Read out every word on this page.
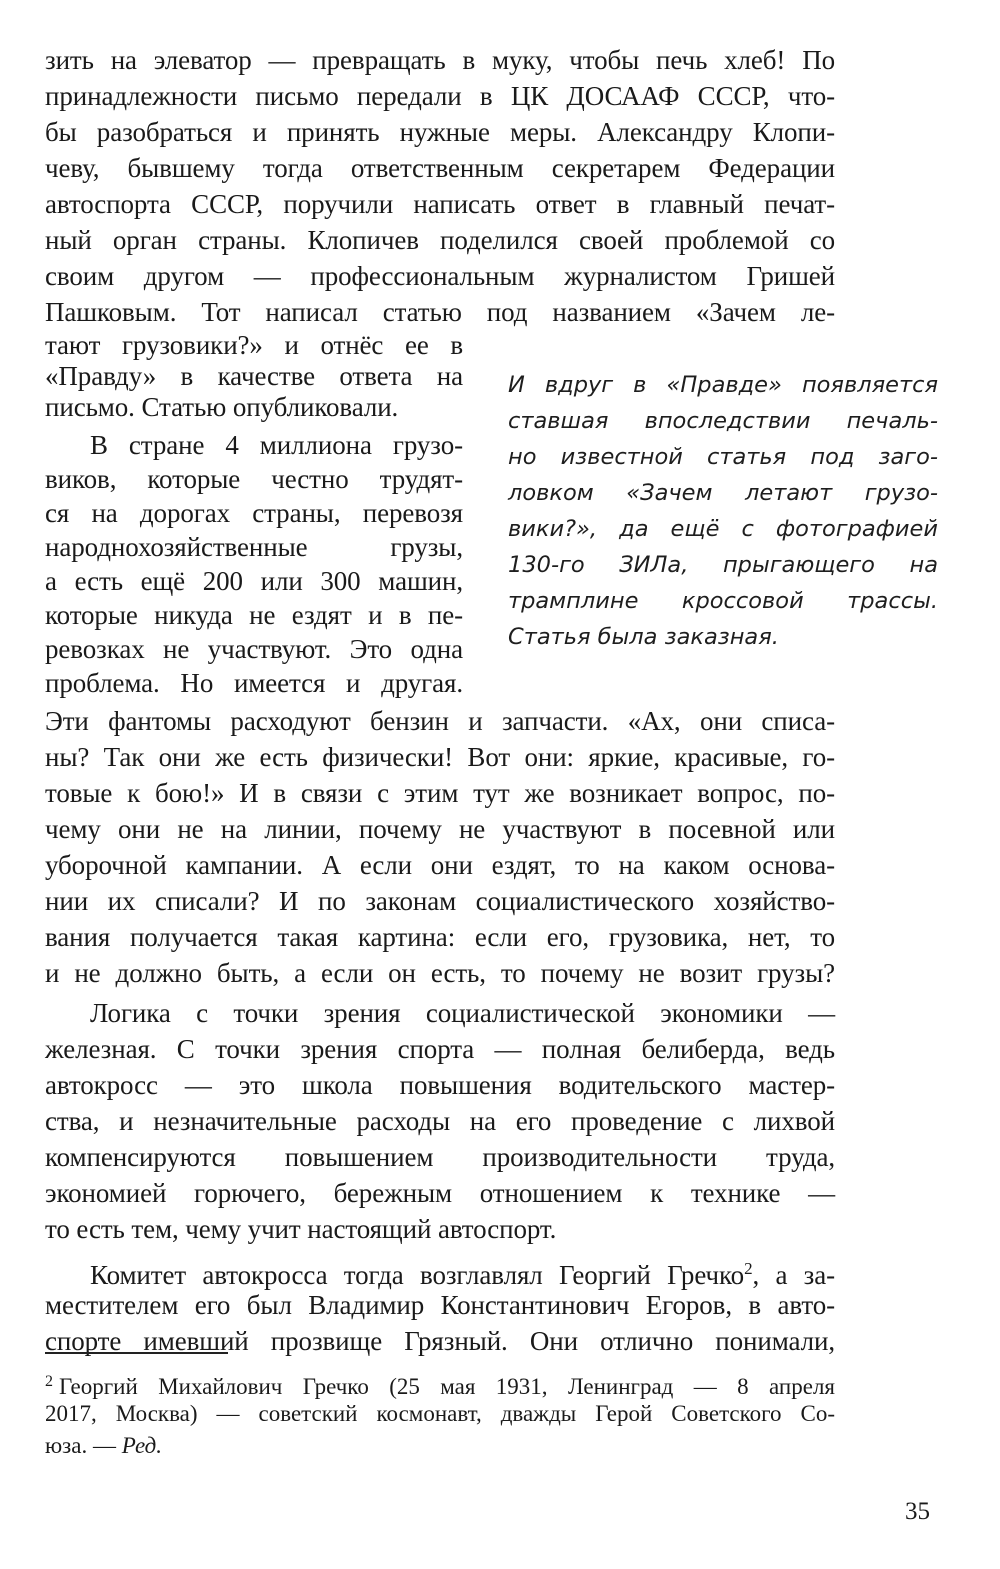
зить на элеватор — превращать в муку, чтобы печь хлеб! По
принадлежности письмо передали в ЦК ДОСААФ СССР, что-
бы разобраться и принять нужные меры. Александру Клопи-
чеву, бывшему тогда ответственным секретарем Федерации
автоспорта СССР, поручили написать ответ в главный печат-
ный орган страны. Клопичев поделился своей проблемой со
своим другом — профессиональным журналистом Гришей
Пашковым. Тот написал статью под названием «Зачем ле-
тают грузовики?» и отнёс ее в
«Правду» в качестве ответа на
письмо. Статью опубликовали.
В стране 4 миллиона грузо-
виков, которые честно трудят-
ся на дорогах страны, перевозя
народнохозяйственные грузы,
а есть ещё 200 или 300 машин,
которые никуда не ездят и в пе-
ревозках не участвуют. Это одна
проблема. Но имеется и другая.
И вдруг в «Правде» появляется
ставшая впоследствии печаль-
но известной статья под заго-
ловком «Зачем летают грузо-
вики?», да ещё с фотографией
130-го ЗИЛа, прыгающего на
трамплине кроссовой трассы.
Статья была заказная.
Эти фантомы расходуют бензин и запчасти. «Ах, они списа-
ны? Так они же есть физически! Вот они: яркие, красивые, го-
товые к бою!» И в связи с этим тут же возникает вопрос, по-
чему они не на линии, почему не участвуют в посевной или
уборочной кампании. А если они ездят, то на каком основа-
нии их списали? И по законам социалистического хозяйство-
вания получается такая картина: если его, грузовика, нет, то
и не должно быть, а если он есть, то почему не возит грузы?
Логика с точки зрения социалистической экономики —
железная. С точки зрения спорта — полная белиберда, ведь
автокросс — это школа повышения водительского мастер-
ства, и незначительные расходы на его проведение с лихвой
компенсируются повышением производительности труда,
экономией горючего, бережным отношением к технике —
то есть тем, чему учит настоящий автоспорт.
Комитет автокросса тогда возглавлял Георгий Гречко$^2$, а за-
местителем его был Владимир Константинович Егоров, в авто-
спорте имевший прозвище Грязный. Они отлично понимали,
$^2$ Георгий Михайлович Гречко (25 мая 1931, Ленинград — 8 апреля
2017, Москва) — советский космонавт, дважды Герой Советского Со-
юза. — Ред.
35
